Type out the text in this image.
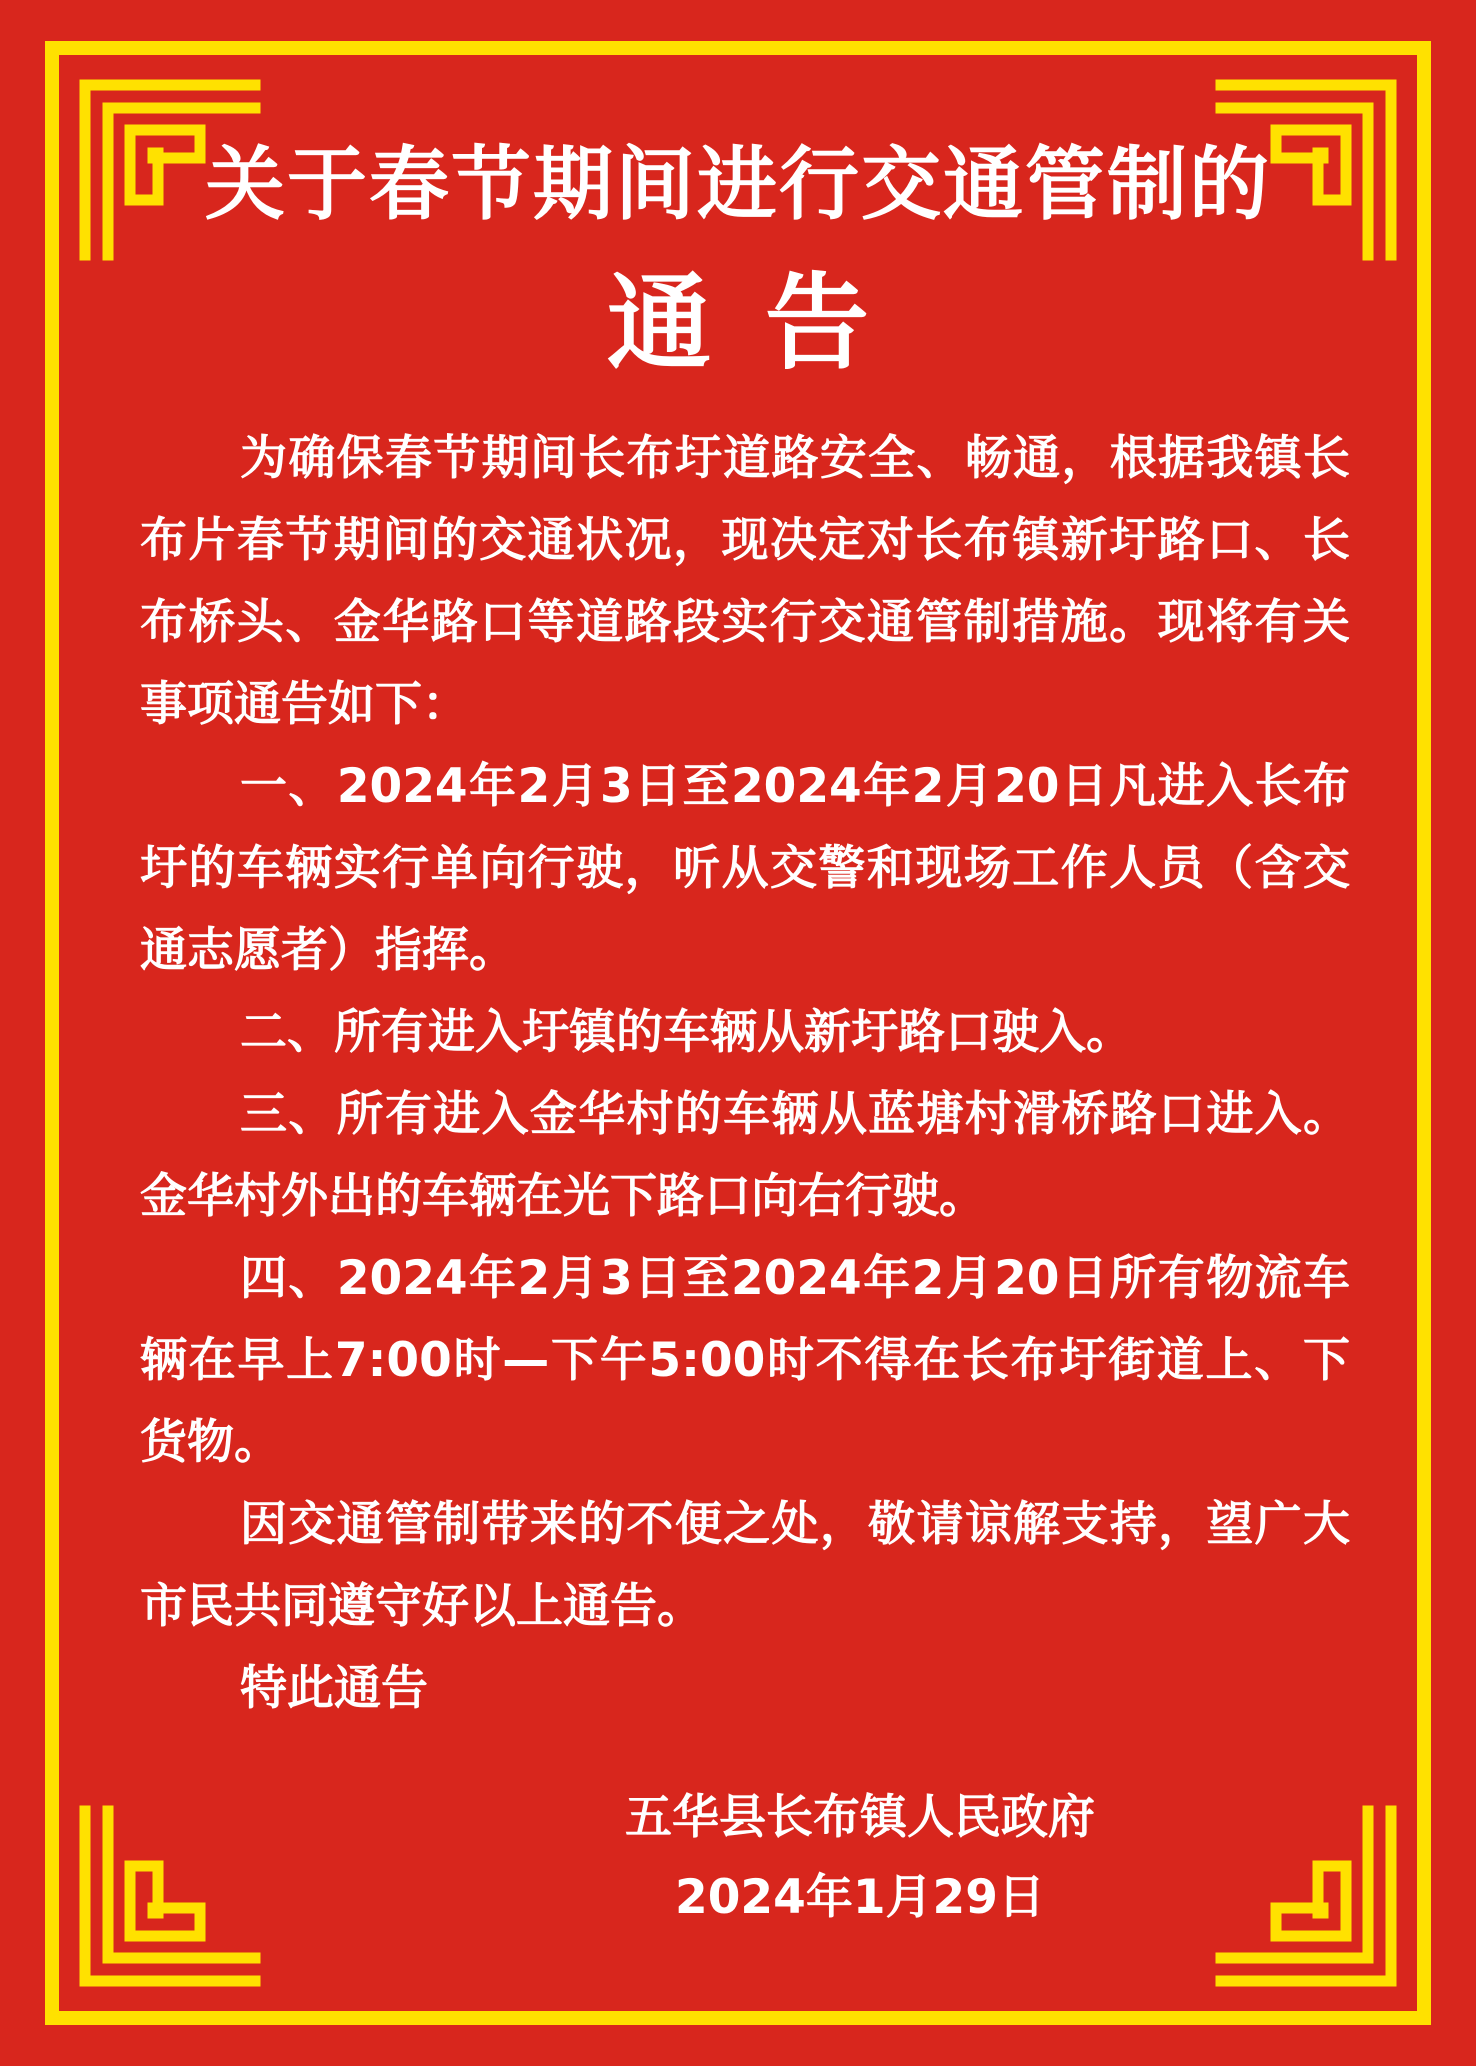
关于春节期间进行交通管制的
通告

为确保春节期间长布圩道路安全、畅通，根据我镇长布片春节期间的交通状况，现决定对长布镇新圩路口、长布桥头、金华路口等道路段实行交通管制措施。现将有关事项通告如下：

一、2024年2月3日至2024年2月20日凡进入长布圩的车辆实行单向行驶，听从交警和现场工作人员（含交通志愿者）指挥。

二、所有进入圩镇的车辆从新圩路口驶入。

三、所有进入金华村的车辆从蓝塘村滑桥路口进入。金华村外出的车辆在光下路口向右行驶。

四、2024年2月3日至2024年2月20日所有物流车辆在早上7:00时—下午5:00时不得在长布圩街道上、下货物。

因交通管制带来的不便之处，敬请谅解支持，望广大市民共同遵守好以上通告。

特此通告

五华县长布镇人民政府
2024年1月29日
